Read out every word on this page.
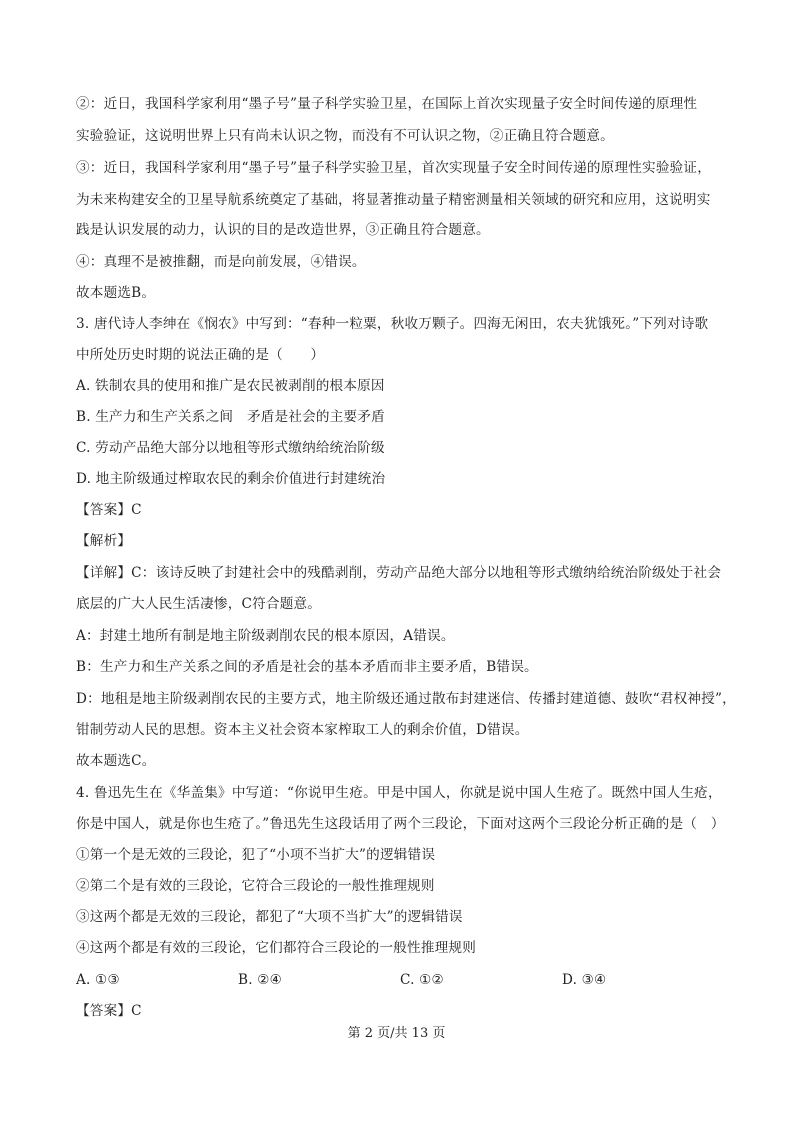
②：近日，我国科学家利用“墨子号”量子科学实验卫星，在国际上首次实现量子安全时间传递的原理性
实验验证，这说明世界上只有尚未认识之物，而没有不可认识之物，②正确且符合题意。
③：近日，我国科学家利用“墨子号”量子科学实验卫星，首次实现量子安全时间传递的原理性实验验证，
为未来构建安全的卫星导航系统奠定了基础，将显著推动量子精密测量相关领域的研究和应用，这说明实
践是认识发展的动力，认识的目的是改造世界，③正确且符合题意。
④：真理不是被推翻，而是向前发展，④错误。
故本题选B。
3. 唐代诗人李绅在《悯农》中写到：“春种一粒粟，秋收万颗子。四海无闲田，农夫犹饿死。”下列对诗歌
中所处历史时期的说法正确的是（　　）
A. 铁制农具的使用和推广是农民被剥削的根本原因
B. 生产力和生产关系之间　矛盾是社会的主要矛盾
C. 劳动产品绝大部分以地租等形式缴纳给统治阶级
D. 地主阶级通过榨取农民的剩余价值进行封建统治
【答案】C
【解析】
【详解】C：该诗反映了封建社会中的残酷剥削，劳动产品绝大部分以地租等形式缴纳给统治阶级处于社会
底层的广大人民生活凄惨，C符合题意。
A：封建土地所有制是地主阶级剥削农民的根本原因，A错误。
B：生产力和生产关系之间的矛盾是社会的基本矛盾而非主要矛盾，B错误。
D：地租是地主阶级剥削农民的主要方式，地主阶级还通过散布封建迷信、传播封建道德、鼓吹“君权神授”，
钳制劳动人民的思想。资本主义社会资本家榨取工人的剩余价值，D错误。
故本题选C。
4. 鲁迅先生在《华盖集》中写道：“你说甲生疮。甲是中国人，你就是说中国人生疮了。既然中国人生疮，
你是中国人，就是你也生疮了。”鲁迅先生这段话用了两个三段论，下面对这两个三段论分析正确的是（　）
①第一个是无效的三段论，犯了“小项不当扩大”的逻辑错误
②第二个是有效的三段论，它符合三段论的一般性推理规则
③这两个都是无效的三段论，都犯了“大项不当扩大”的逻辑错误
④这两个都是有效的三段论，它们都符合三段论的一般性推理规则
A. ①③	B. ②④	C. ①②	D. ③④
【答案】C
第 2 页/共 13 页
